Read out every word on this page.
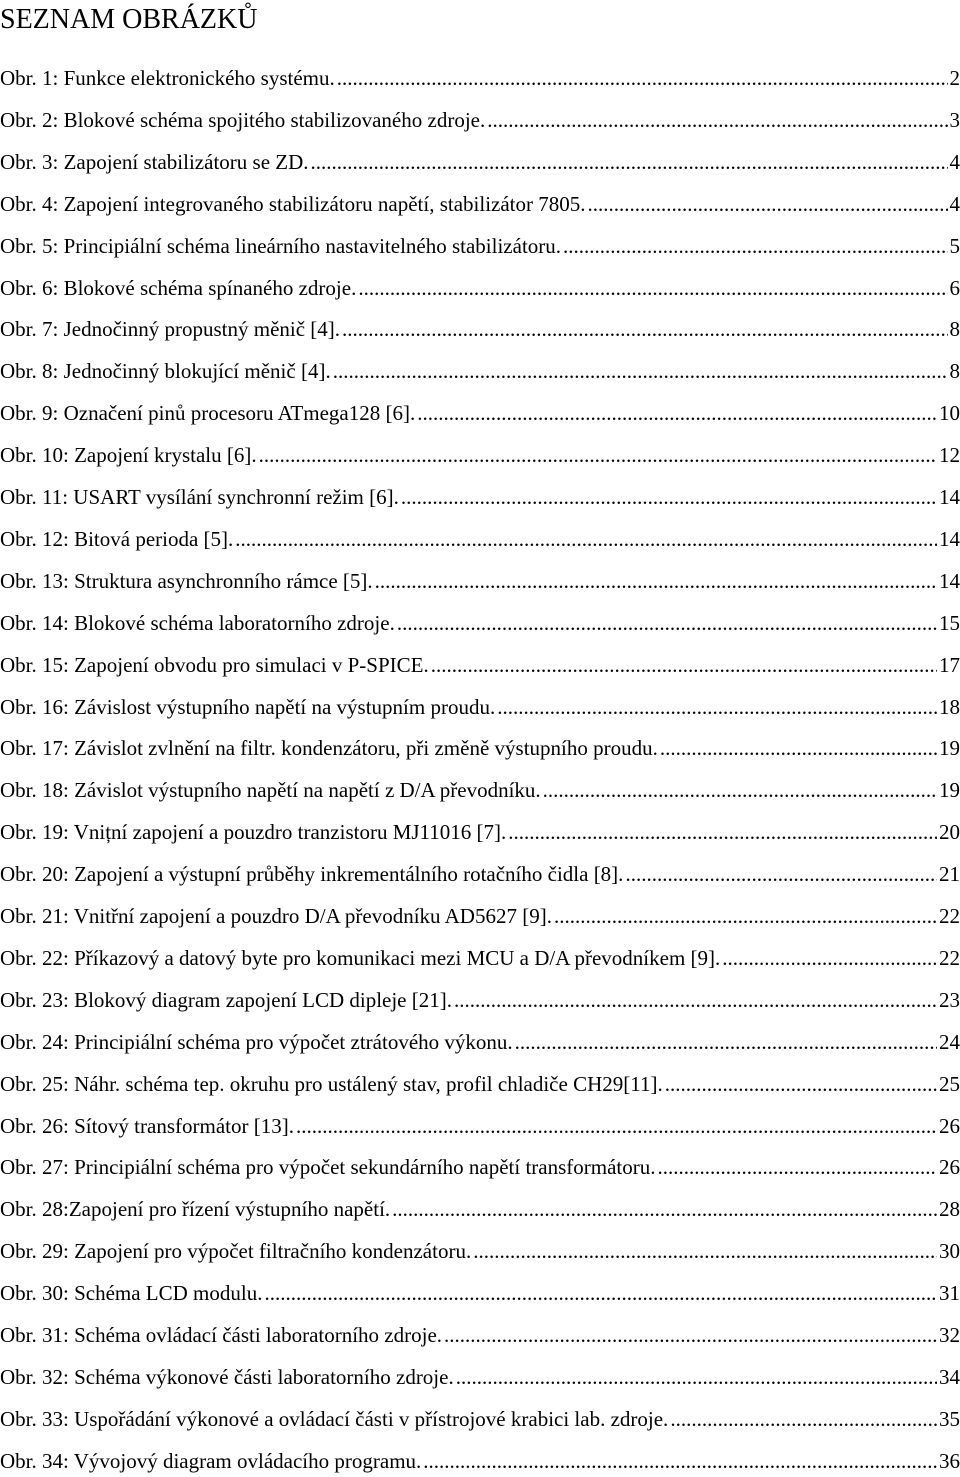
SEZNAM OBRÁZKŮ
Obr. 1: Funkce elektronického systému. .....	2
Obr. 2: Blokové schéma spojitého stabilizovaného zdroje. .....	3
Obr. 3: Zapojení stabilizátoru se ZD. .....	4
Obr. 4: Zapojení integrovaného stabilizátoru napětí, stabilizátor 7805. .....	4
Obr. 5: Principiální schéma lineárního nastavitelného stabilizátoru. .....	5
Obr. 6: Blokové schéma spínaného zdroje. .....	6
Obr. 7: Jednočinný propustný měnič [4]. .....	8
Obr. 8: Jednočinný blokující měnič [4]. .....	8
Obr. 9: Označení pinů procesoru ATmega128 [6]. .....	10
Obr. 10: Zapojení krystalu [6]. .....	12
Obr. 11: USART vysílání synchronní režim [6]. .....	14
Obr. 12: Bitová perioda [5]. .....	14
Obr. 13: Struktura asynchronního rámce [5]. .....	14
Obr. 14: Blokové schéma laboratorního zdroje. .....	15
Obr. 15: Zapojení obvodu pro simulaci v P-SPICE. .....	17
Obr. 16: Závislost výstupního napětí na výstupním proudu. .....	18
Obr. 17: Závislot zvlnění na filtr. kondenzátoru, při změně výstupního proudu. .....	19
Obr. 18: Závislot výstupního napětí na napětí z D/A převodníku. .....	19
Obr. 19: Vnițní zapojení a pouzdro tranzistoru MJ11016 [7]. .....	20
Obr. 20: Zapojení a výstupní průběhy inkrementálního rotačního čidla [8]. .....	21
Obr. 21: Vnitřní zapojení a pouzdro D/A převodníku AD5627 [9]. .....	22
Obr. 22: Příkazový a datový byte pro komunikaci mezi MCU a D/A převodníkem [9]. .....	22
Obr. 23: Blokový diagram zapojení LCD dipleje [21]. .....	23
Obr. 24: Principiální schéma pro výpočet ztrátového výkonu. .....	24
Obr. 25: Náhr. schéma tep. okruhu pro ustálený stav, profil chladiče CH29[11]. .....	25
Obr. 26: Sítový transformátor [13]. .....	26
Obr. 27: Principiální schéma pro výpočet sekundárního napětí transformátoru. .....	26
Obr. 28:Zapojení pro řízení výstupního napětí. .....	28
Obr. 29: Zapojení pro výpočet filtračního kondenzátoru. .....	30
Obr. 30: Schéma LCD modulu. .....	31
Obr. 31: Schéma ovládací části laboratorního zdroje. .....	32
Obr. 32: Schéma výkonové části laboratorního zdroje. .....	34
Obr. 33: Uspořádání výkonové a ovládací části v přístrojové krabici lab. zdroje. .....	35
Obr. 34: Vývojový diagram ovládacího programu. .....	36
